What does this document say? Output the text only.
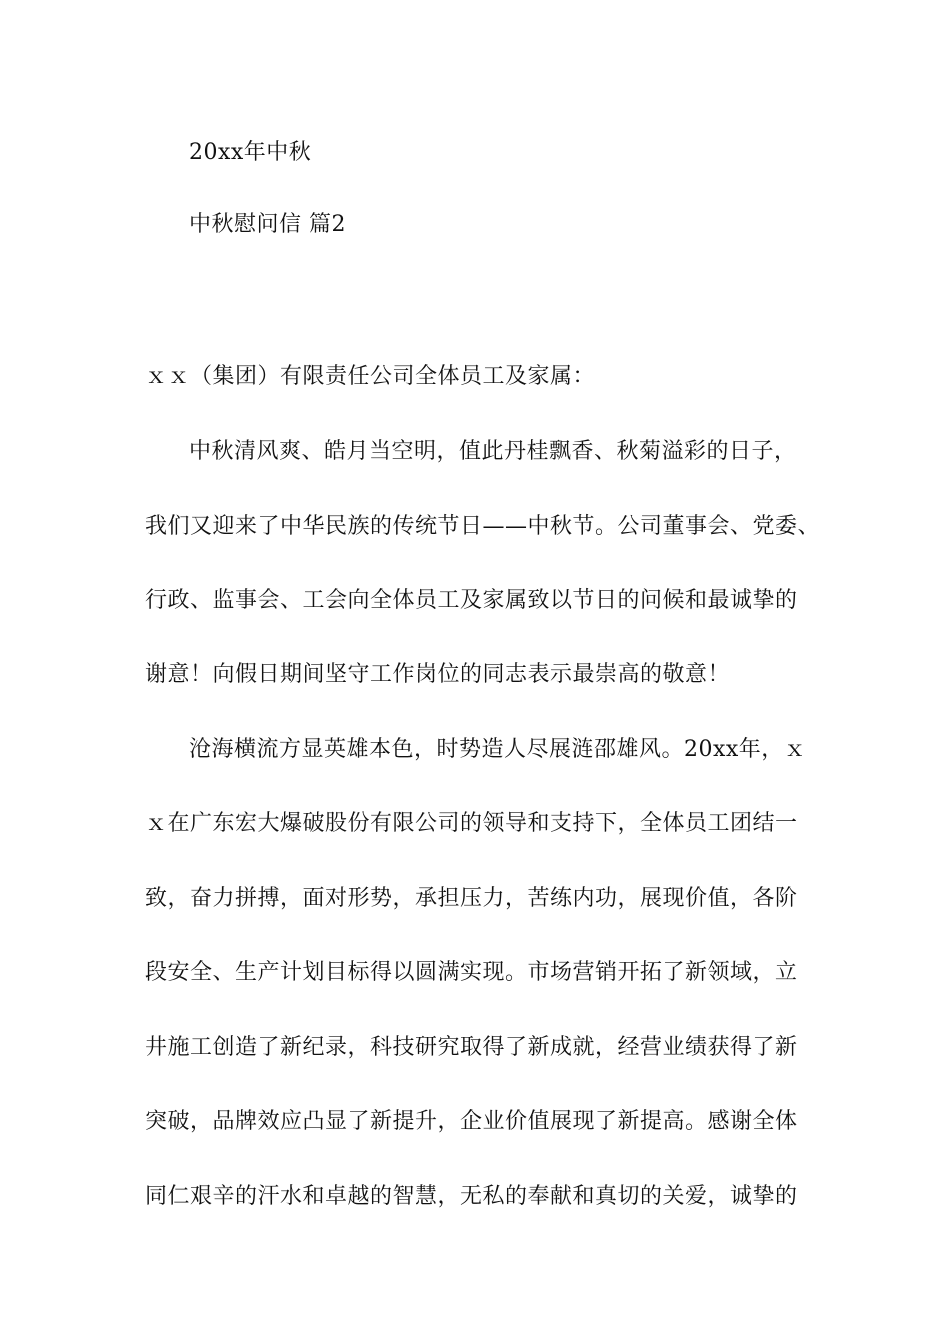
20xx年中秋
中秋慰问信 篇2
ｘｘ（集团）有限责任公司全体员工及家属：
中秋清风爽、皓月当空明，值此丹桂飘香、秋菊溢彩的日子，
我们又迎来了中华民族的传统节日——中秋节。公司董事会、党委、
行政、监事会、工会向全体员工及家属致以节日的问候和最诚挚的
谢意！向假日期间坚守工作岗位的同志表示最崇高的敬意！
沧海横流方显英雄本色，时势造人尽展涟邵雄风。20xx年，ｘ
ｘ在广东宏大爆破股份有限公司的领导和支持下，全体员工团结一
致，奋力拼搏，面对形势，承担压力，苦练内功，展现价值，各阶
段安全、生产计划目标得以圆满实现。市场营销开拓了新领域，立
井施工创造了新纪录，科技研究取得了新成就，经营业绩获得了新
突破，品牌效应凸显了新提升，企业价值展现了新提高。感谢全体
同仁艰辛的汗水和卓越的智慧，无私的奉献和真切的关爱，诚挚的
